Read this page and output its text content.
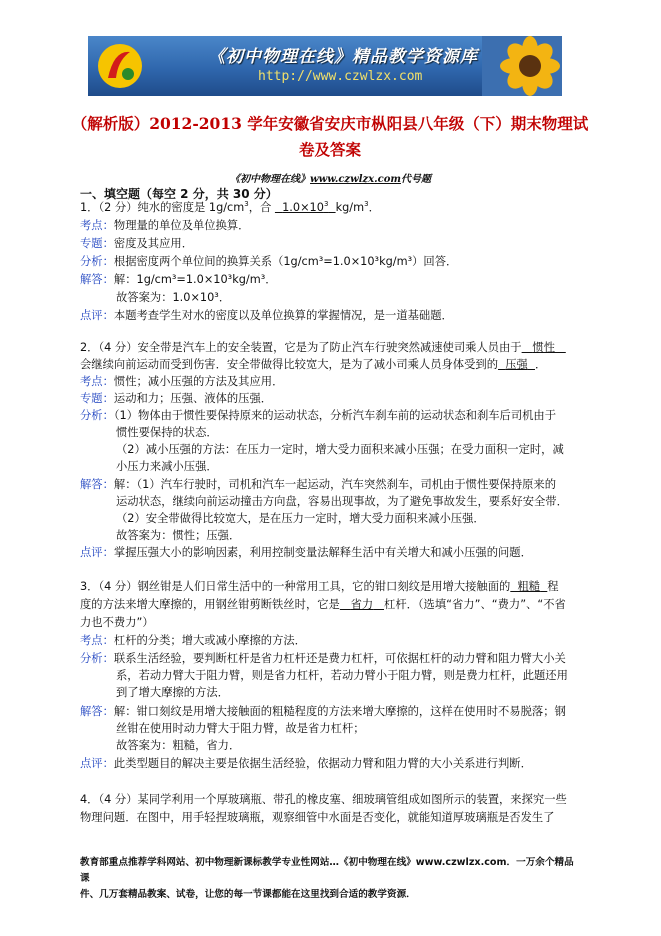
《初中物理在线》精品教学资源库
http://www.czwlzx.com
（解析版）2012-2013 学年安徽省安庆市枞阳县八年级（下）期末物理试
卷及答案
《初中物理在线》www.czwlzx.com代号题
一、填空题（每空 2 分，共 30 分）
1．（2 分）纯水的密度是 $1g/cm^3$，合 $1.0\times 10^3$ $kg/m^3$．
考点：物理量的单位及单位换算．
专题：密度及其应用．
分析：根据密度两个单位间的换算关系（1g/cm³=1.0×10³kg/m³）回答．
解答：解：1g/cm³=1.0×10³kg/m³．
故答案为：1.0×10³．
点评：本题考查学生对水的密度以及单位换算的掌握情况，是一道基础题．
2．（4 分）安全带是汽车上的安全装置，它是为了防止汽车行驶突然减速使司乘人员由于 惯性
会继续向前运动而受到伤害．安全带做得比较宽大，是为了减小司乘人员身体受到的 压强 ．
考点：惯性；减小压强的方法及其应用．
专题：运动和力；压强、液体的压强．
分析：（1）物体由于惯性要保持原来的运动状态，分析汽车刹车前的运动状态和刹车后司机由于
惯性要保持的状态．
（2）减小压强的方法：在压力一定时，增大受力面积来减小压强；在受力面积一定时，减
小压力来减小压强．
解答：解：（1）汽车行驶时，司机和汽车一起运动，汽车突然刹车，司机由于惯性要保持原来的
运动状态，继续向前运动撞击方向盘，容易出现事故，为了避免事故发生，要系好安全带．
（2）安全带做得比较宽大，是在压力一定时，增大受力面积来减小压强．
故答案为：惯性；压强．
点评：掌握压强大小的影响因素，利用控制变量法解释生活中有关增大和减小压强的问题．
3．（4 分）钢丝钳是人们日常生活中的一种常用工具，它的钳口刻纹是用增大接触面的 粗糙 程
度的方法来增大摩擦的，用钢丝钳剪断铁丝时，它是 省力 杠杆．（选填“省力”、“费力”、“不省
力也不费力”）
考点：杠杆的分类；增大或减小摩擦的方法．
分析：联系生活经验，要判断杠杆是省力杠杆还是费力杠杆，可依据杠杆的动力臂和阻力臂大小关
系，若动力臂大于阻力臂，则是省力杠杆，若动力臂小于阻力臂，则是费力杠杆，此题还用
到了增大摩擦的方法．
解答：解：钳口刻纹是用增大接触面的粗糙程度的方法来增大摩擦的，这样在使用时不易脱落；钢
丝钳在使用时动力臂大于阻力臂，故是省力杠杆；
故答案为：粗糙，省力．
点评：此类型题目的解决主要是依据生活经验，依据动力臂和阻力臂的大小关系进行判断．
4．（4 分）某同学利用一个厚玻璃瓶、带孔的橡皮塞、细玻璃管组成如图所示的装置，来探究一些
物理问题．在图中，用手轻捏玻璃瓶，观察细管中水面是否变化，就能知道厚玻璃瓶是否发生了
教育部重点推荐学科网站、初中物理新课标教学专业性网站…《初中物理在线》www.czwlzx.com．一万余个精品课
件、几万套精品教案、试卷，让您的每一节课都能在这里找到合适的教学资源．
